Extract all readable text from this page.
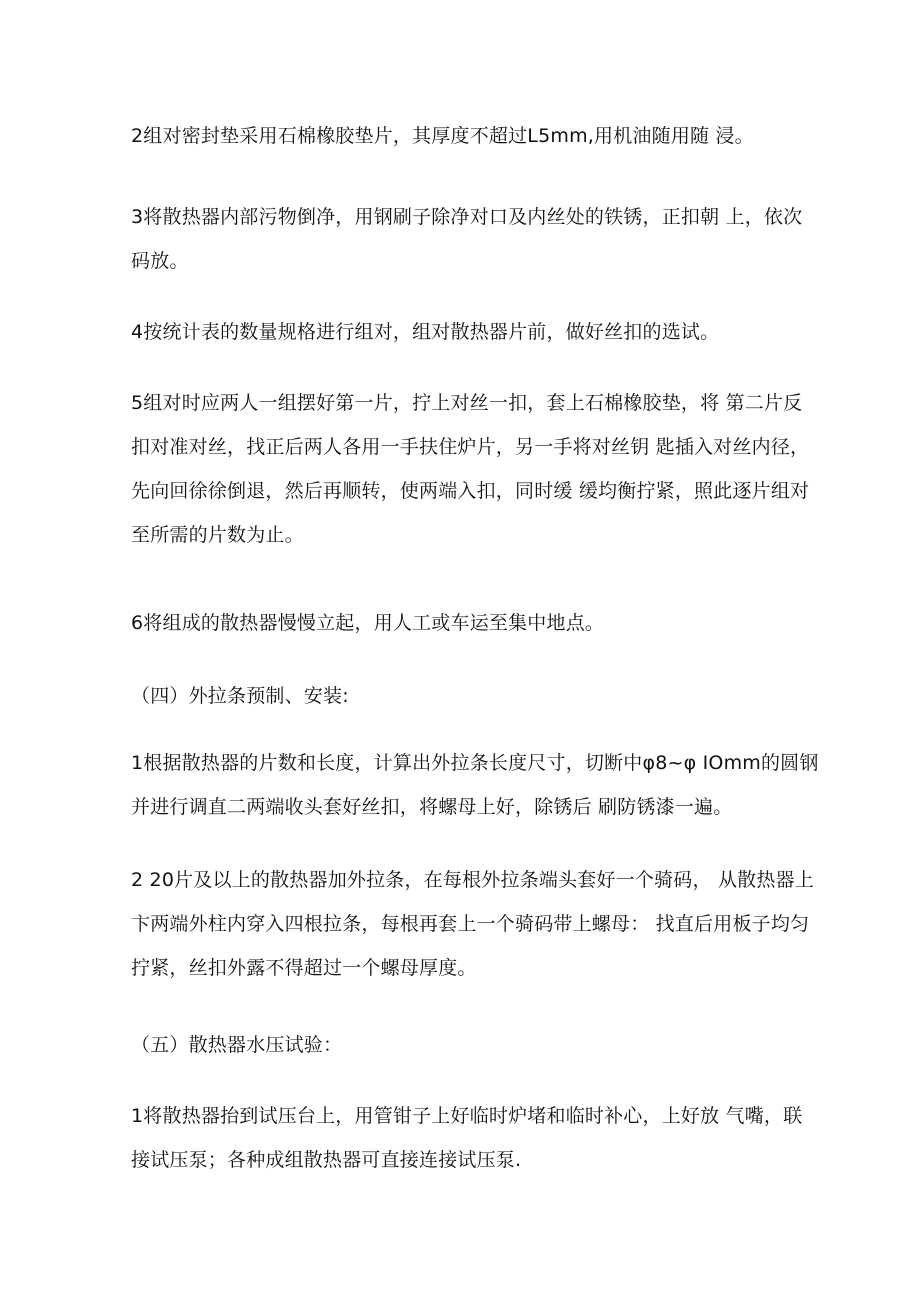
2组对密封垫采用石棉橡胶垫片，其厚度不超过L5mm,用机油随用随 浸。

3将散热器内部污物倒净，用钢刷子除净对口及内丝处的铁锈，正扣朝 上，依次
码放。

4按统计表的数量规格进行组对，组对散热器片前，做好丝扣的选试。

5组对时应两人一组摆好第一片，拧上对丝一扣，套上石棉橡胶垫，将 第二片反
扣对准对丝，找正后两人各用一手扶住炉片，另一手将对丝钥 匙插入对丝内径，
先向回徐徐倒退，然后再顺转，使两端入扣，同时缓 缓均衡拧紧，照此逐片组对
至所需的片数为止。

6将组成的散热器慢慢立起，用人工或车运至集中地点。

（四）外拉条预制、安装:

1根据散热器的片数和长度，计算出外拉条长度尺寸，切断中φ8~φ IOmm的圆钢
并进行调直二两端收头套好丝扣，将螺母上好，除锈后 刷防锈漆一遍。

2 20片及以上的散热器加外拉条，在每根外拉条端头套好一个骑码， 从散热器上
卞两端外柱内穿入四根拉条，每根再套上一个骑码带上螺母： 找直后用板子均匀
拧紧，丝扣外露不得超过一个螺母厚度。

（五）散热器水压试验：

1将散热器抬到试压台上，用管钳子上好临时炉堵和临时补心，上好放 气嘴，联
接试压泵；各种成组散热器可直接连接试压泵.
